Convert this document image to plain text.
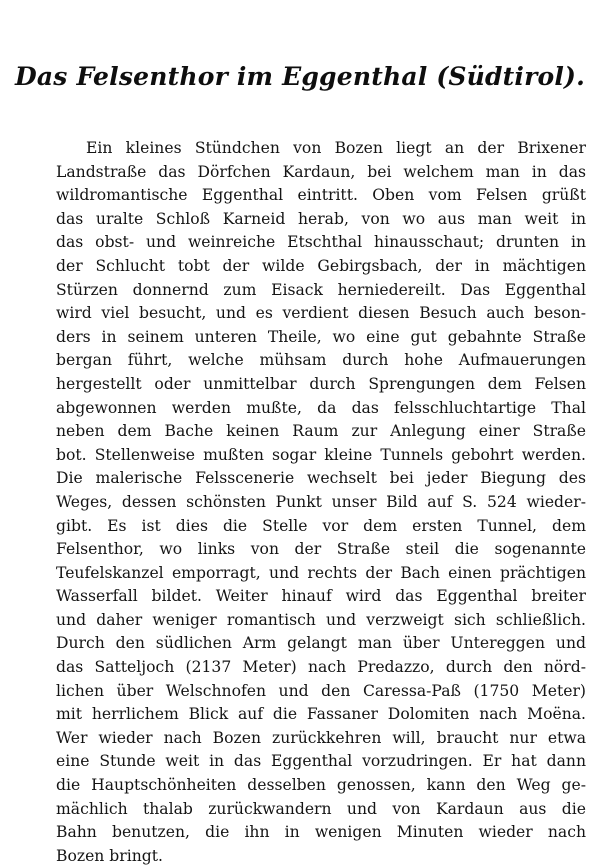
Das Felsenthor im Eggenthal (Südtirol).
Ein kleines Stündchen von Bozen liegt an der Brixener
Landstraße das Dörfchen Kardaun, bei welchem man in das
wildromantische Eggenthal eintritt. Oben vom Felsen grüßt
das uralte Schloß Karneid herab, von wo aus man weit in
das obst- und weinreiche Etschthal hinausschaut; drunten in
der Schlucht tobt der wilde Gebirgsbach, der in mächtigen
Stürzen donnernd zum Eisack herniedereilt. Das Eggenthal
wird viel besucht, und es verdient diesen Besuch auch beson-
ders in seinem unteren Theile, wo eine gut gebahnte Straße
bergan führt, welche mühsam durch hohe Aufmauerungen
hergestellt oder unmittelbar durch Sprengungen dem Felsen
abgewonnen werden mußte, da das felsschluchtartige Thal
neben dem Bache keinen Raum zur Anlegung einer Straße
bot. Stellenweise mußten sogar kleine Tunnels gebohrt werden.
Die malerische Felsscenerie wechselt bei jeder Biegung des
Weges, dessen schönsten Punkt unser Bild auf S. 524 wieder-
gibt. Es ist dies die Stelle vor dem ersten Tunnel, dem
Felsenthor, wo links von der Straße steil die sogenannte
Teufelskanzel emporragt, und rechts der Bach einen prächtigen
Wasserfall bildet. Weiter hinauf wird das Eggenthal breiter
und daher weniger romantisch und verzweigt sich schließlich.
Durch den südlichen Arm gelangt man über Untereggen und
das Satteljoch (2137 Meter) nach Predazzo, durch den nörd-
lichen über Welschnofen und den Caressa-Paß (1750 Meter)
mit herrlichem Blick auf die Fassaner Dolomiten nach Moëna.
Wer wieder nach Bozen zurückkehren will, braucht nur etwa
eine Stunde weit in das Eggenthal vorzudringen. Er hat dann
die Hauptschönheiten desselben genossen, kann den Weg ge-
mächlich thalab zurückwandern und von Kardaun aus die
Bahn benutzen, die ihn in wenigen Minuten wieder nach
Bozen bringt.
